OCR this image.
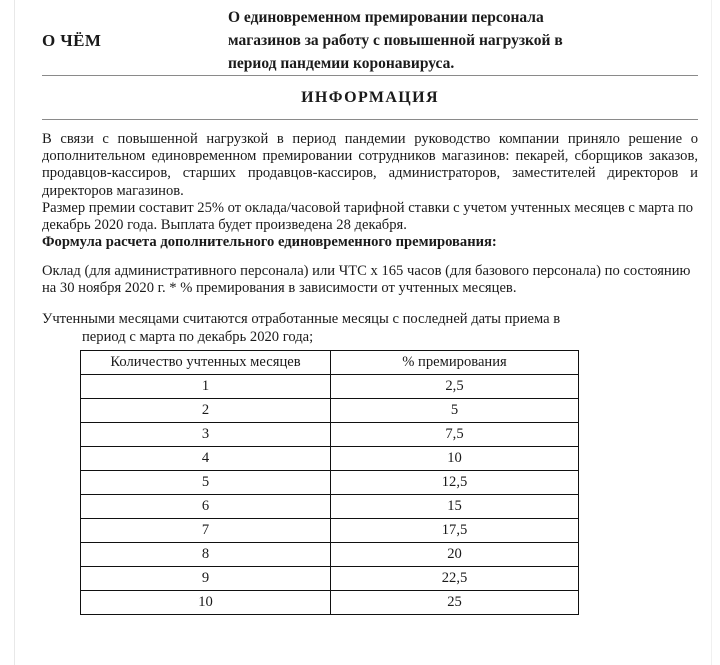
О ЧЁМ
О единовременном премировании персонала
магазинов за работу с повышенной нагрузкой в
период пандемии коронавируса.
ИНФОРМАЦИЯ

В связи с повышенной нагрузкой в период пандемии руководство компании приняло решение о дополнительном единовременном премировании сотрудников магазинов: пекарей, сборщиков заказов, продавцов-кассиров, старших продавцов-кассиров, администраторов, заместителей директоров и директоров магазинов.

Размер премии составит 25% от оклада/часовой тарифной ставки с учетом учтенных месяцев с марта по декабрь 2020 года. Выплата будет произведена 28 декабря.

Формула расчета дополнительного единовременного премирования:

Оклад (для административного персонала) или ЧТС х 165 часов (для базового персонала) по состоянию на 30 ноября 2020 г. * % премирования в зависимости от учтенных месяцев.

Учтенными месяцами считаются отработанные месяцы с последней даты приема в
период с марта по декабрь 2020 года;

Количество учтенных месяцев	% премирования
1	2,5
2	5
3	7,5
4	10
5	12,5
6	15
7	17,5
8	20
9	22,5
10	25
